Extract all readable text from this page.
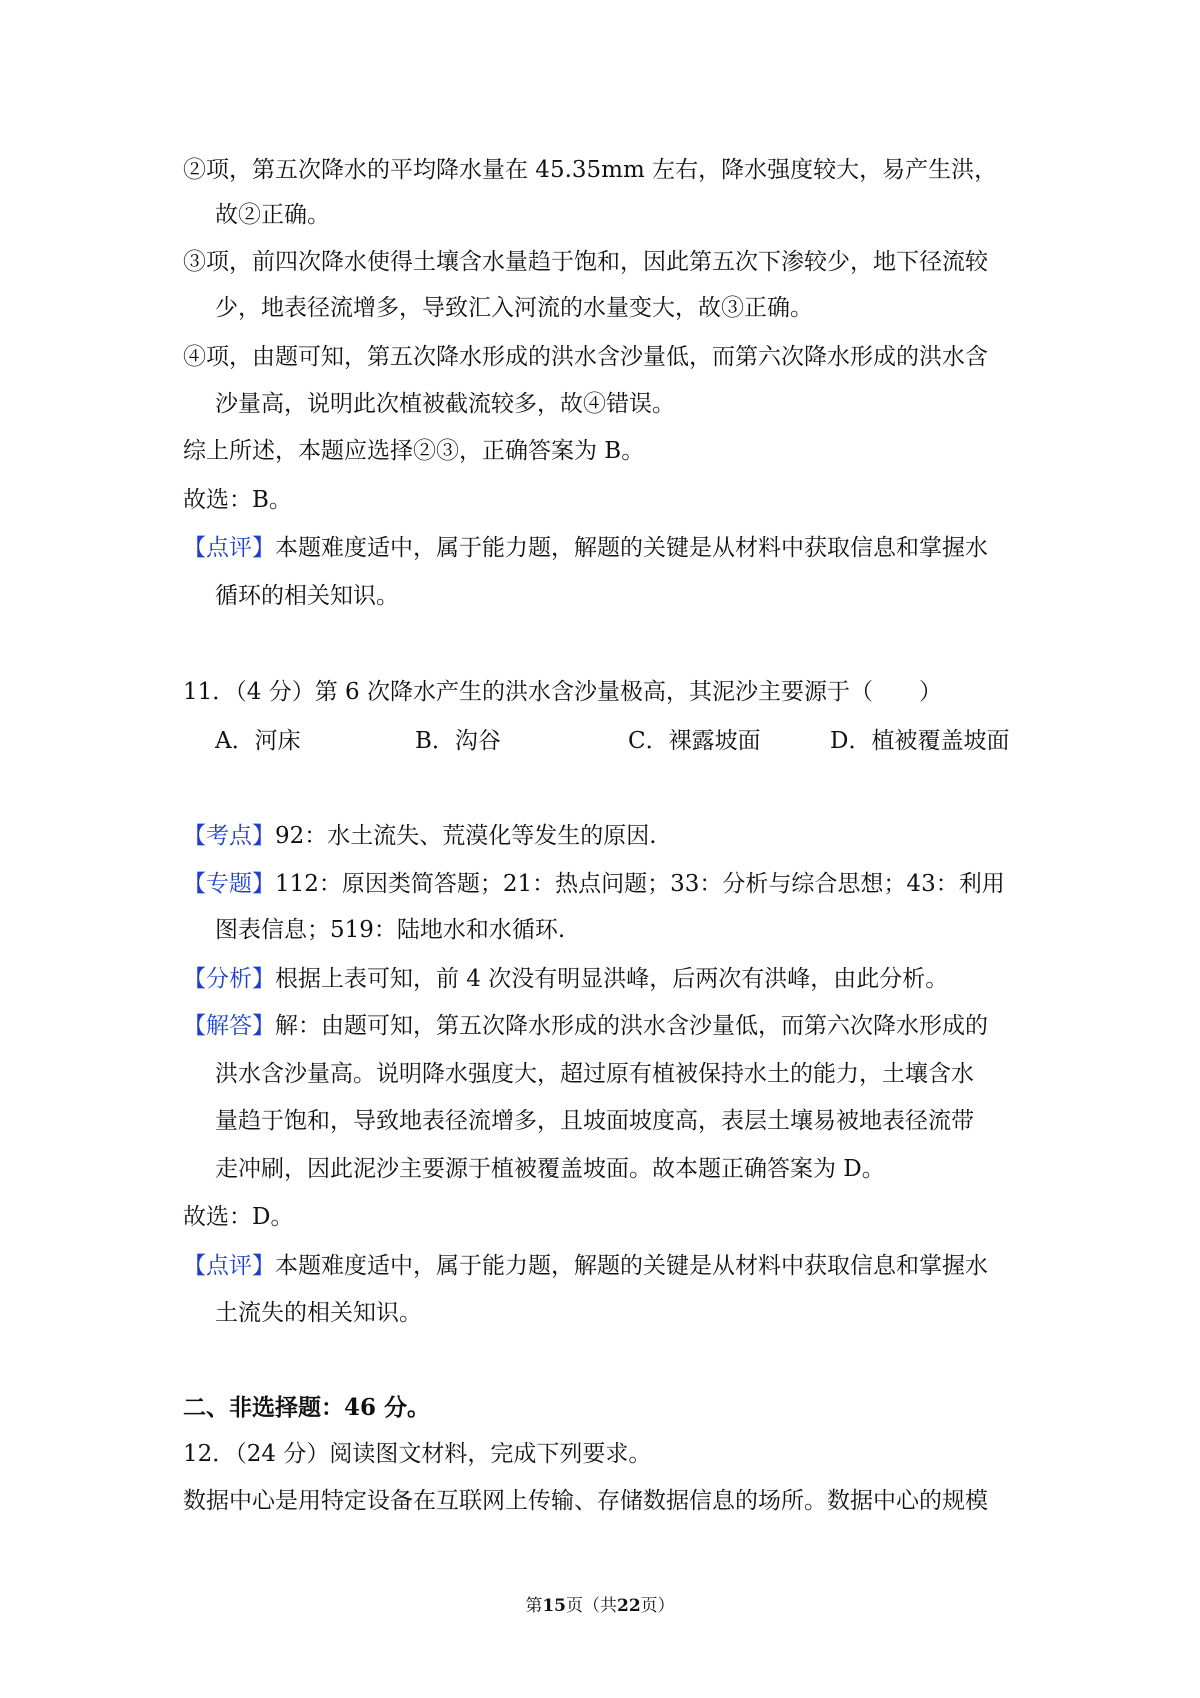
②项，第五次降水的平均降水量在 45.35mm 左右，降水强度较大，易产生洪，
故②正确。
③项，前四次降水使得土壤含水量趋于饱和，因此第五次下渗较少，地下径流较
少，地表径流增多，导致汇入河流的水量变大，故③正确。
④项，由题可知，第五次降水形成的洪水含沙量低，而第六次降水形成的洪水含
沙量高，说明此次植被截流较多，故④错误。
综上所述，本题应选择②③，正确答案为 B。
故选：B。
【点评】本题难度适中，属于能力题，解题的关键是从材料中获取信息和掌握水
循环的相关知识。
11．（4 分）第 6 次降水产生的洪水含沙量极高，其泥沙主要源于（　　）
A．河床	B．沟谷	C．裸露坡面	D．植被覆盖坡面
【考点】92：水土流失、荒漠化等发生的原因.
【专题】112：原因类简答题；21：热点问题；33：分析与综合思想；43：利用
图表信息；519：陆地水和水循环.
【分析】根据上表可知，前 4 次没有明显洪峰，后两次有洪峰，由此分析。
【解答】解：由题可知，第五次降水形成的洪水含沙量低，而第六次降水形成的
洪水含沙量高。说明降水强度大，超过原有植被保持水土的能力，土壤含水
量趋于饱和，导致地表径流增多，且坡面坡度高，表层土壤易被地表径流带
走冲刷，因此泥沙主要源于植被覆盖坡面。故本题正确答案为 D。
故选：D。
【点评】本题难度适中，属于能力题，解题的关键是从材料中获取信息和掌握水
土流失的相关知识。
二、非选择题：46 分。
12．（24 分）阅读图文材料，完成下列要求。
数据中心是用特定设备在互联网上传输、存储数据信息的场所。数据中心的规模
第15页（共22页）
